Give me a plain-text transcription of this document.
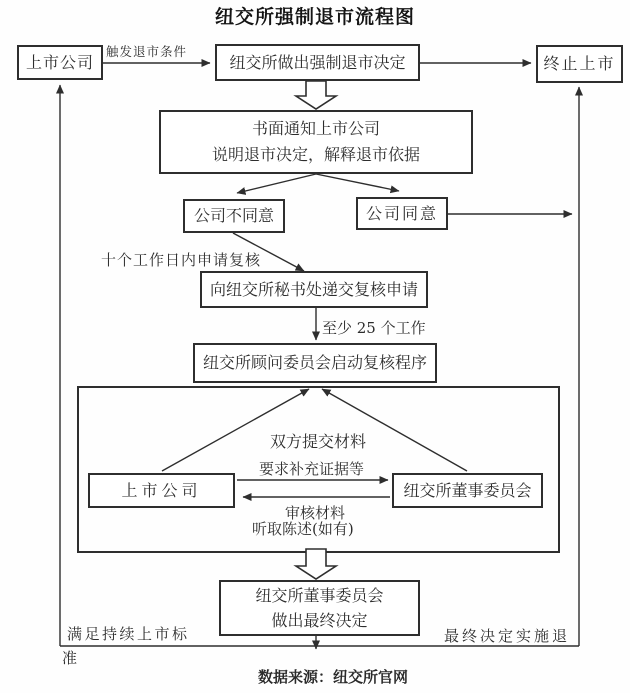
纽交所强制退市流程图
上市公司	纽交所做出强制退市决定	终止上市
触发退市条件
书面通知上市公司
说明退市决定，解释退市依据
公司不同意	公司同意
十个工作日内申请复核
向纽交所秘书处递交复核申请
至少 25 个工作
纽交所顾问委员会启动复核程序
双方提交材料
要求补充证据等
审核材料
听取陈述(如有)
上市公司	纽交所董事委员会
纽交所董事委员会
做出最终决定
满足持续上市标
准
最终决定实施退
数据来源：纽交所官网
